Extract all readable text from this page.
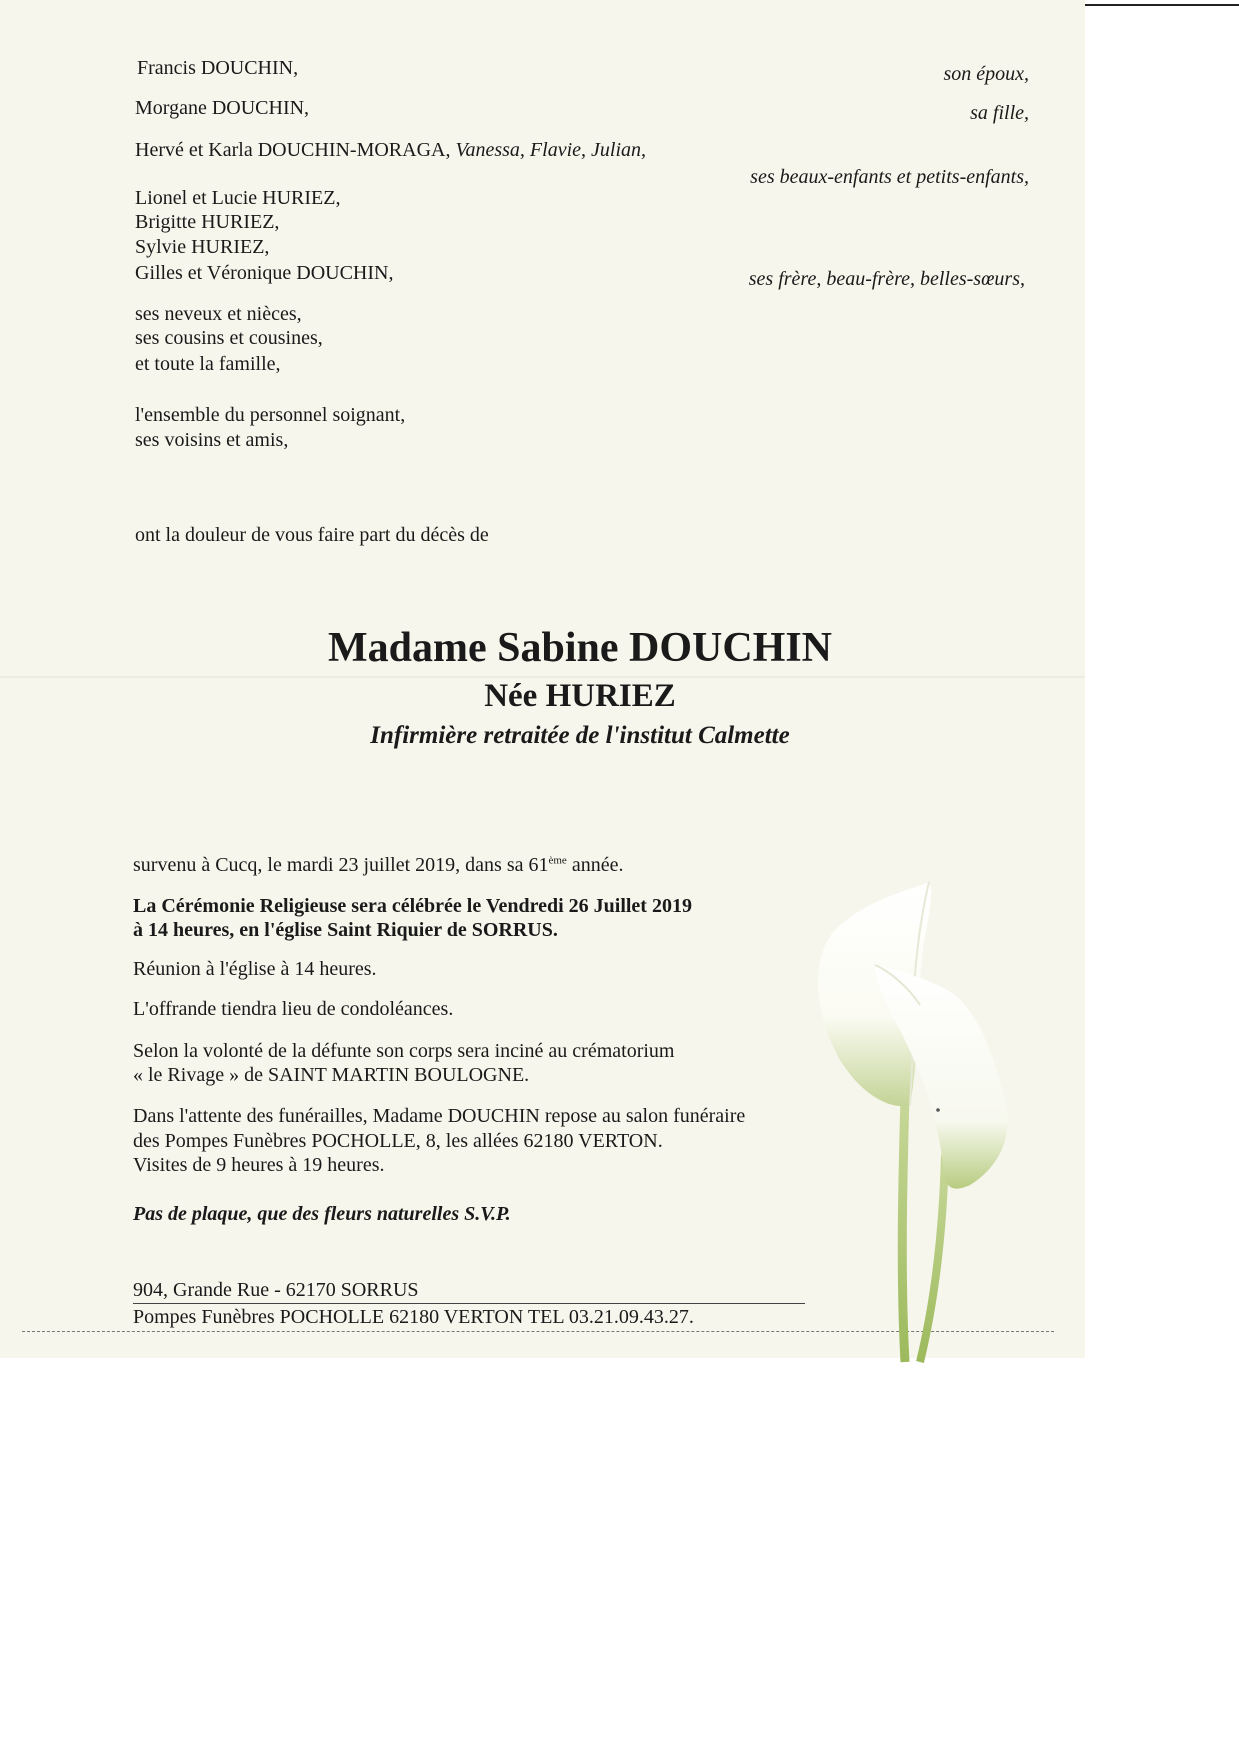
Francis DOUCHIN,
Morgane DOUCHIN,
Hervé et Karla DOUCHIN-MORAGA, Vanessa, Flavie, Julian,
Lionel et Lucie HURIEZ,
Brigitte HURIEZ,
Sylvie HURIEZ,
Gilles et Véronique DOUCHIN,
ses neveux et nièces,
ses cousins et cousines,
et toute la famille,
l'ensemble du personnel soignant,
ses voisins et amis,
son époux,
sa fille,
ses beaux-enfants et petits-enfants,
ses frère, beau-frère, belles-sœurs,
ont la douleur de vous faire part du décès de
Madame Sabine DOUCHIN
Née HURIEZ
Infirmière retraitée de l'institut Calmette
survenu à Cucq, le mardi 23 juillet 2019, dans sa 61ème année.
La Cérémonie Religieuse sera célébrée le Vendredi 26 Juillet 2019
à 14 heures, en l'église Saint Riquier de SORRUS.
Réunion à l'église à 14 heures.
L'offrande tiendra lieu de condoléances.
Selon la volonté de la défunte son corps sera inciné au crématorium
« le Rivage » de SAINT MARTIN BOULOGNE.
Dans l'attente des funérailles, Madame DOUCHIN repose au salon funéraire
des Pompes Funèbres POCHOLLE, 8, les allées 62180 VERTON.
Visites de 9 heures à 19 heures.
Pas de plaque, que des fleurs naturelles S.V.P.
904, Grande Rue - 62170 SORRUS
Pompes Funèbres POCHOLLE 62180 VERTON TEL 03.21.09.43.27.
